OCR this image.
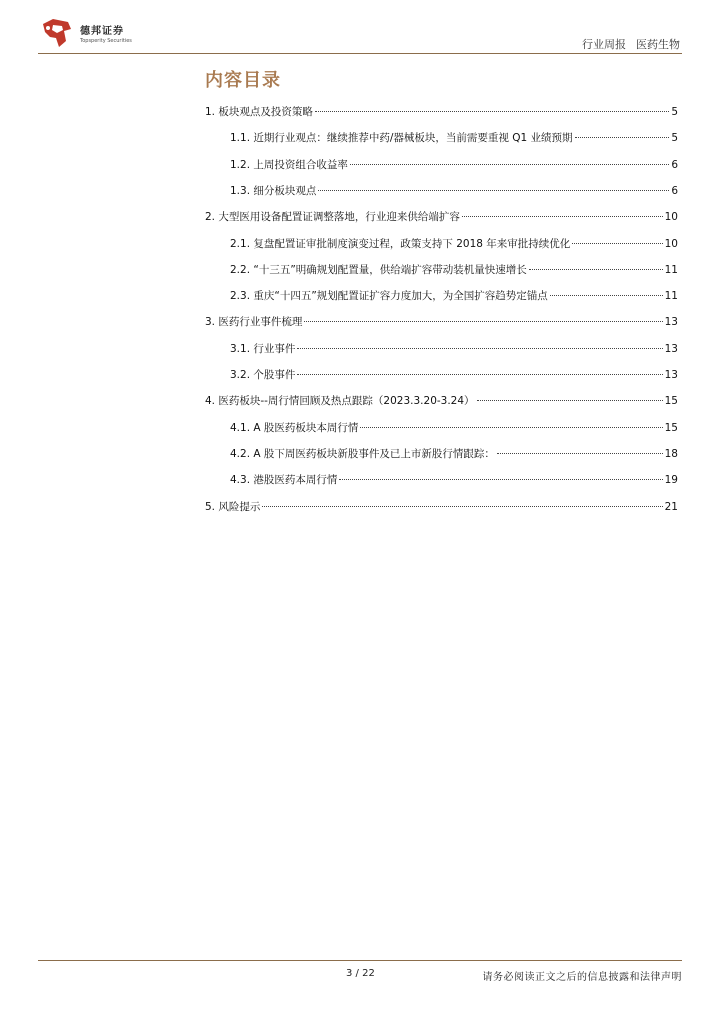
德邦证券
Topsperity Securities	行业周报 医药生物
内容目录
1. 板块观点及投资策略	5
1.1. 近期行业观点：继续推荐中药/器械板块，当前需要重视 Q1 业绩预期	5
1.2. 上周投资组合收益率	6
1.3. 细分板块观点	6
2. 大型医用设备配置证调整落地，行业迎来供给端扩容	10
2.1. 复盘配置证审批制度演变过程，政策支持下 2018 年来审批持续优化	10
2.2. “十三五”明确规划配置量，供给端扩容带动装机量快速增长	11
2.3. 重庆“十四五”规划配置证扩容力度加大，为全国扩容趋势定锚点	11
3. 医药行业事件梳理	13
3.1. 行业事件	13
3.2. 个股事件	13
4. 医药板块--周行情回顾及热点跟踪（2023.3.20-3.24）	15
4.1. A 股医药板块本周行情	15
4.2. A 股下周医药板块新股事件及已上市新股行情跟踪：	18
4.3. 港股医药本周行情	19
5. 风险提示	21
3 / 22	请务必阅读正文之后的信息披露和法律声明
